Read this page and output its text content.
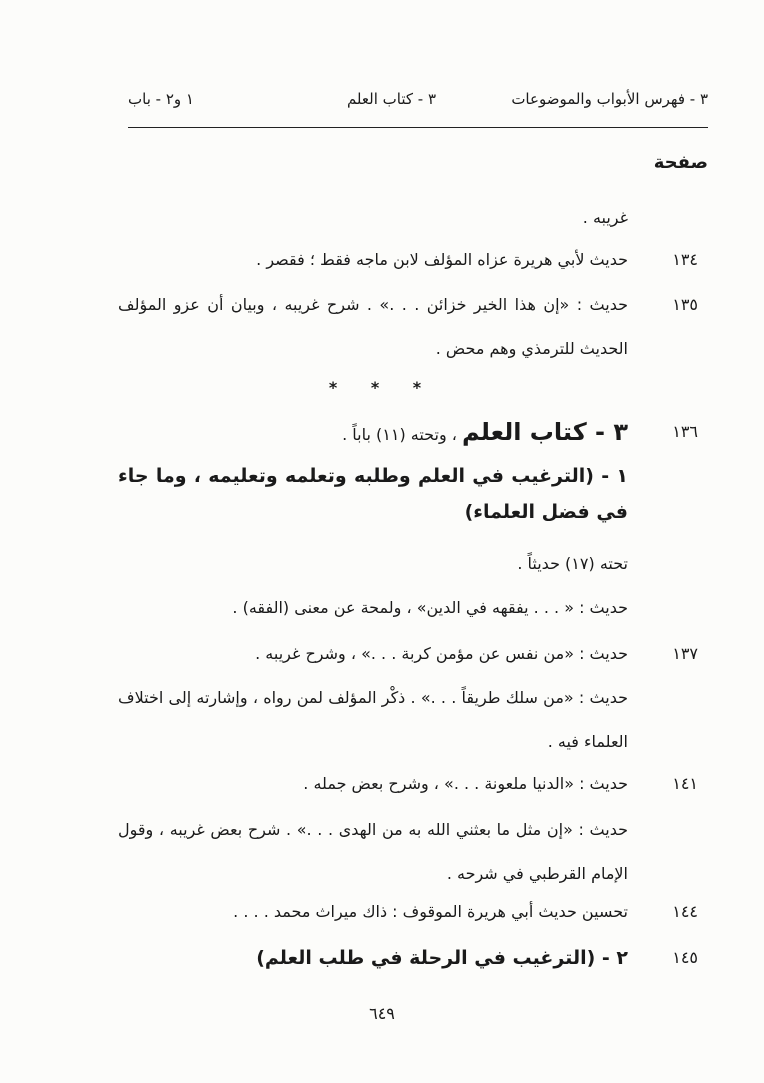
٣ - فهرس الأبواب والموضوعات
٣ - كتاب العلم
١ و٢ - باب
صفحة
غريبه .
١٣٤
حديث لأبي هريرة عزاه المؤلف لابن ماجه فقط ؛ فقصر .
١٣٥
حديث : «إن هذا الخير خزائن . . .» . شرح غريبه ، وبيان أن عزو المؤلف الحديث للترمذي وهم محض .
* * *
١٣٦
٣ - كتاب العلم ، وتحته (١١) باباً .
١ - (الترغيب في العلم وطلبه وتعلمه وتعليمه ، وما جاء في فضل العلماء)
تحته (١٧) حديثاً .
حديث : « . . . يفقهه في الدين» ، ولمحة عن معنى (الفقه) .
١٣٧
حديث : «من نفس عن مؤمن كربة . . .» ، وشرح غريبه .
حديث : «من سلك طريقاً . . .» . ذكْر المؤلف لمن رواه ، وإشارته إلى اختلاف العلماء فيه .
١٤١
حديث : «الدنيا ملعونة . . .» ، وشرح بعض جمله .
حديث : «إن مثل ما بعثني الله به من الهدى . . .» . شرح بعض غريبه ، وقول الإمام القرطبي في شرحه .
١٤٤
تحسين حديث أبي هريرة الموقوف : ذاك ميراث محمد . . . .
١٤٥
٢ - (الترغيب في الرحلة في طلب العلم)
٦٤٩
